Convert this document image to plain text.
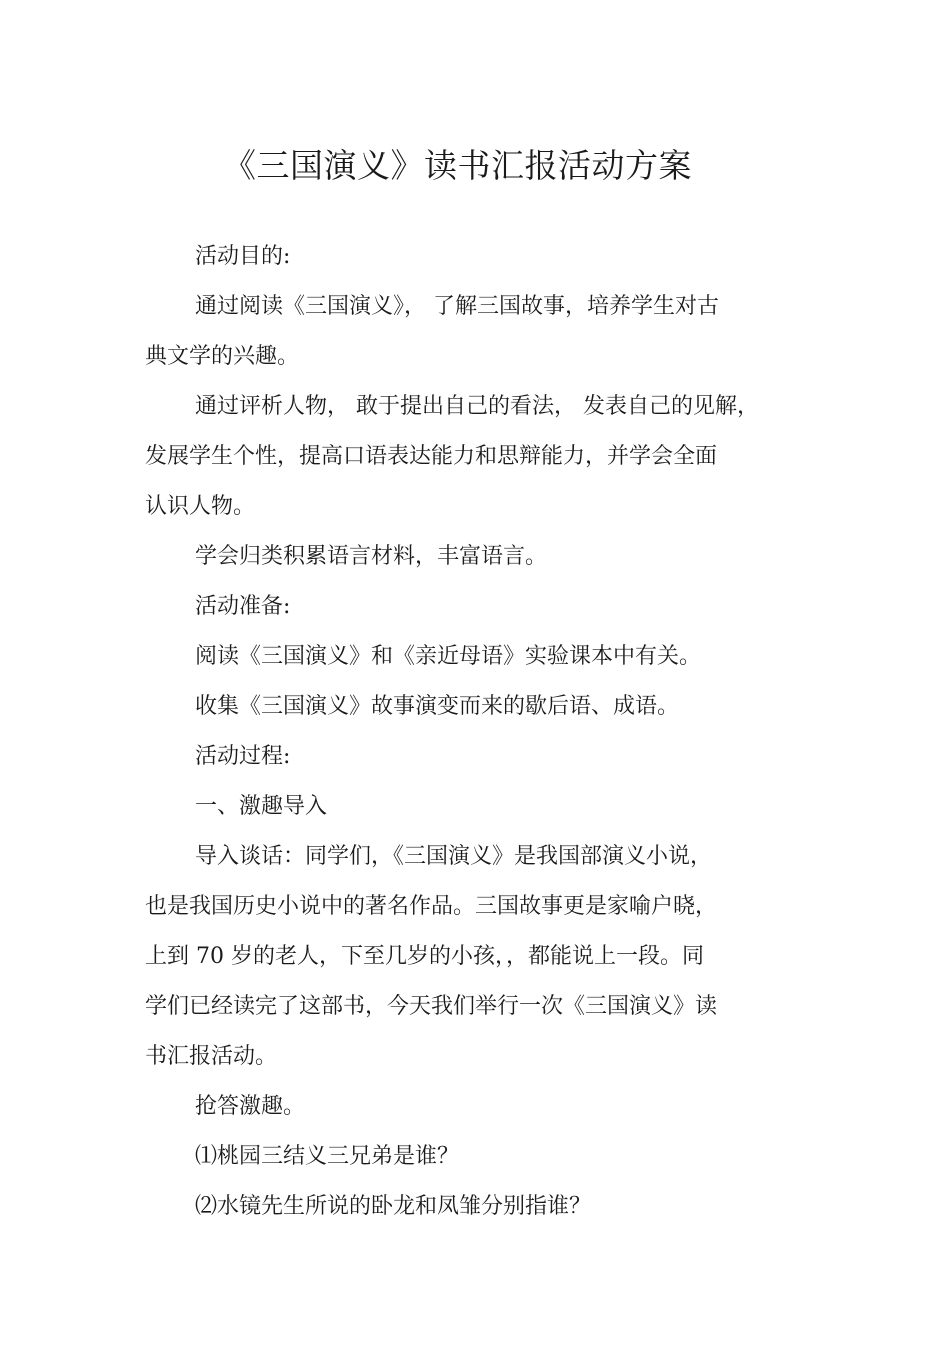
《三国演义》读书汇报活动方案
活动目的:
通过阅读《三国演义》， 了解三国故事，培养学生对古
典文学的兴趣。
通过评析人物， 敢于提出自己的看法， 发表自己的见解，
发展学生个性，提高口语表达能力和思辩能力，并学会全面
认识人物。
学会归类积累语言材料，丰富语言。
活动准备:
阅读《三国演义》和《亲近母语》实验课本中有关。
收集《三国演义》故事演变而来的歇后语、成语。
活动过程:
一、激趣导入
导入谈话：同学们，《三国演义》是我国部演义小说，
也是我国历史小说中的著名作品。三国故事更是家喻户晓，
上到 70 岁的老人，下至几岁的小孩，，都能说上一段。同
学们已经读完了这部书，今天我们举行一次《三国演义》读
书汇报活动。
抢答激趣。
⑴桃园三结义三兄弟是谁？
⑵水镜先生所说的卧龙和凤雏分别指谁？
